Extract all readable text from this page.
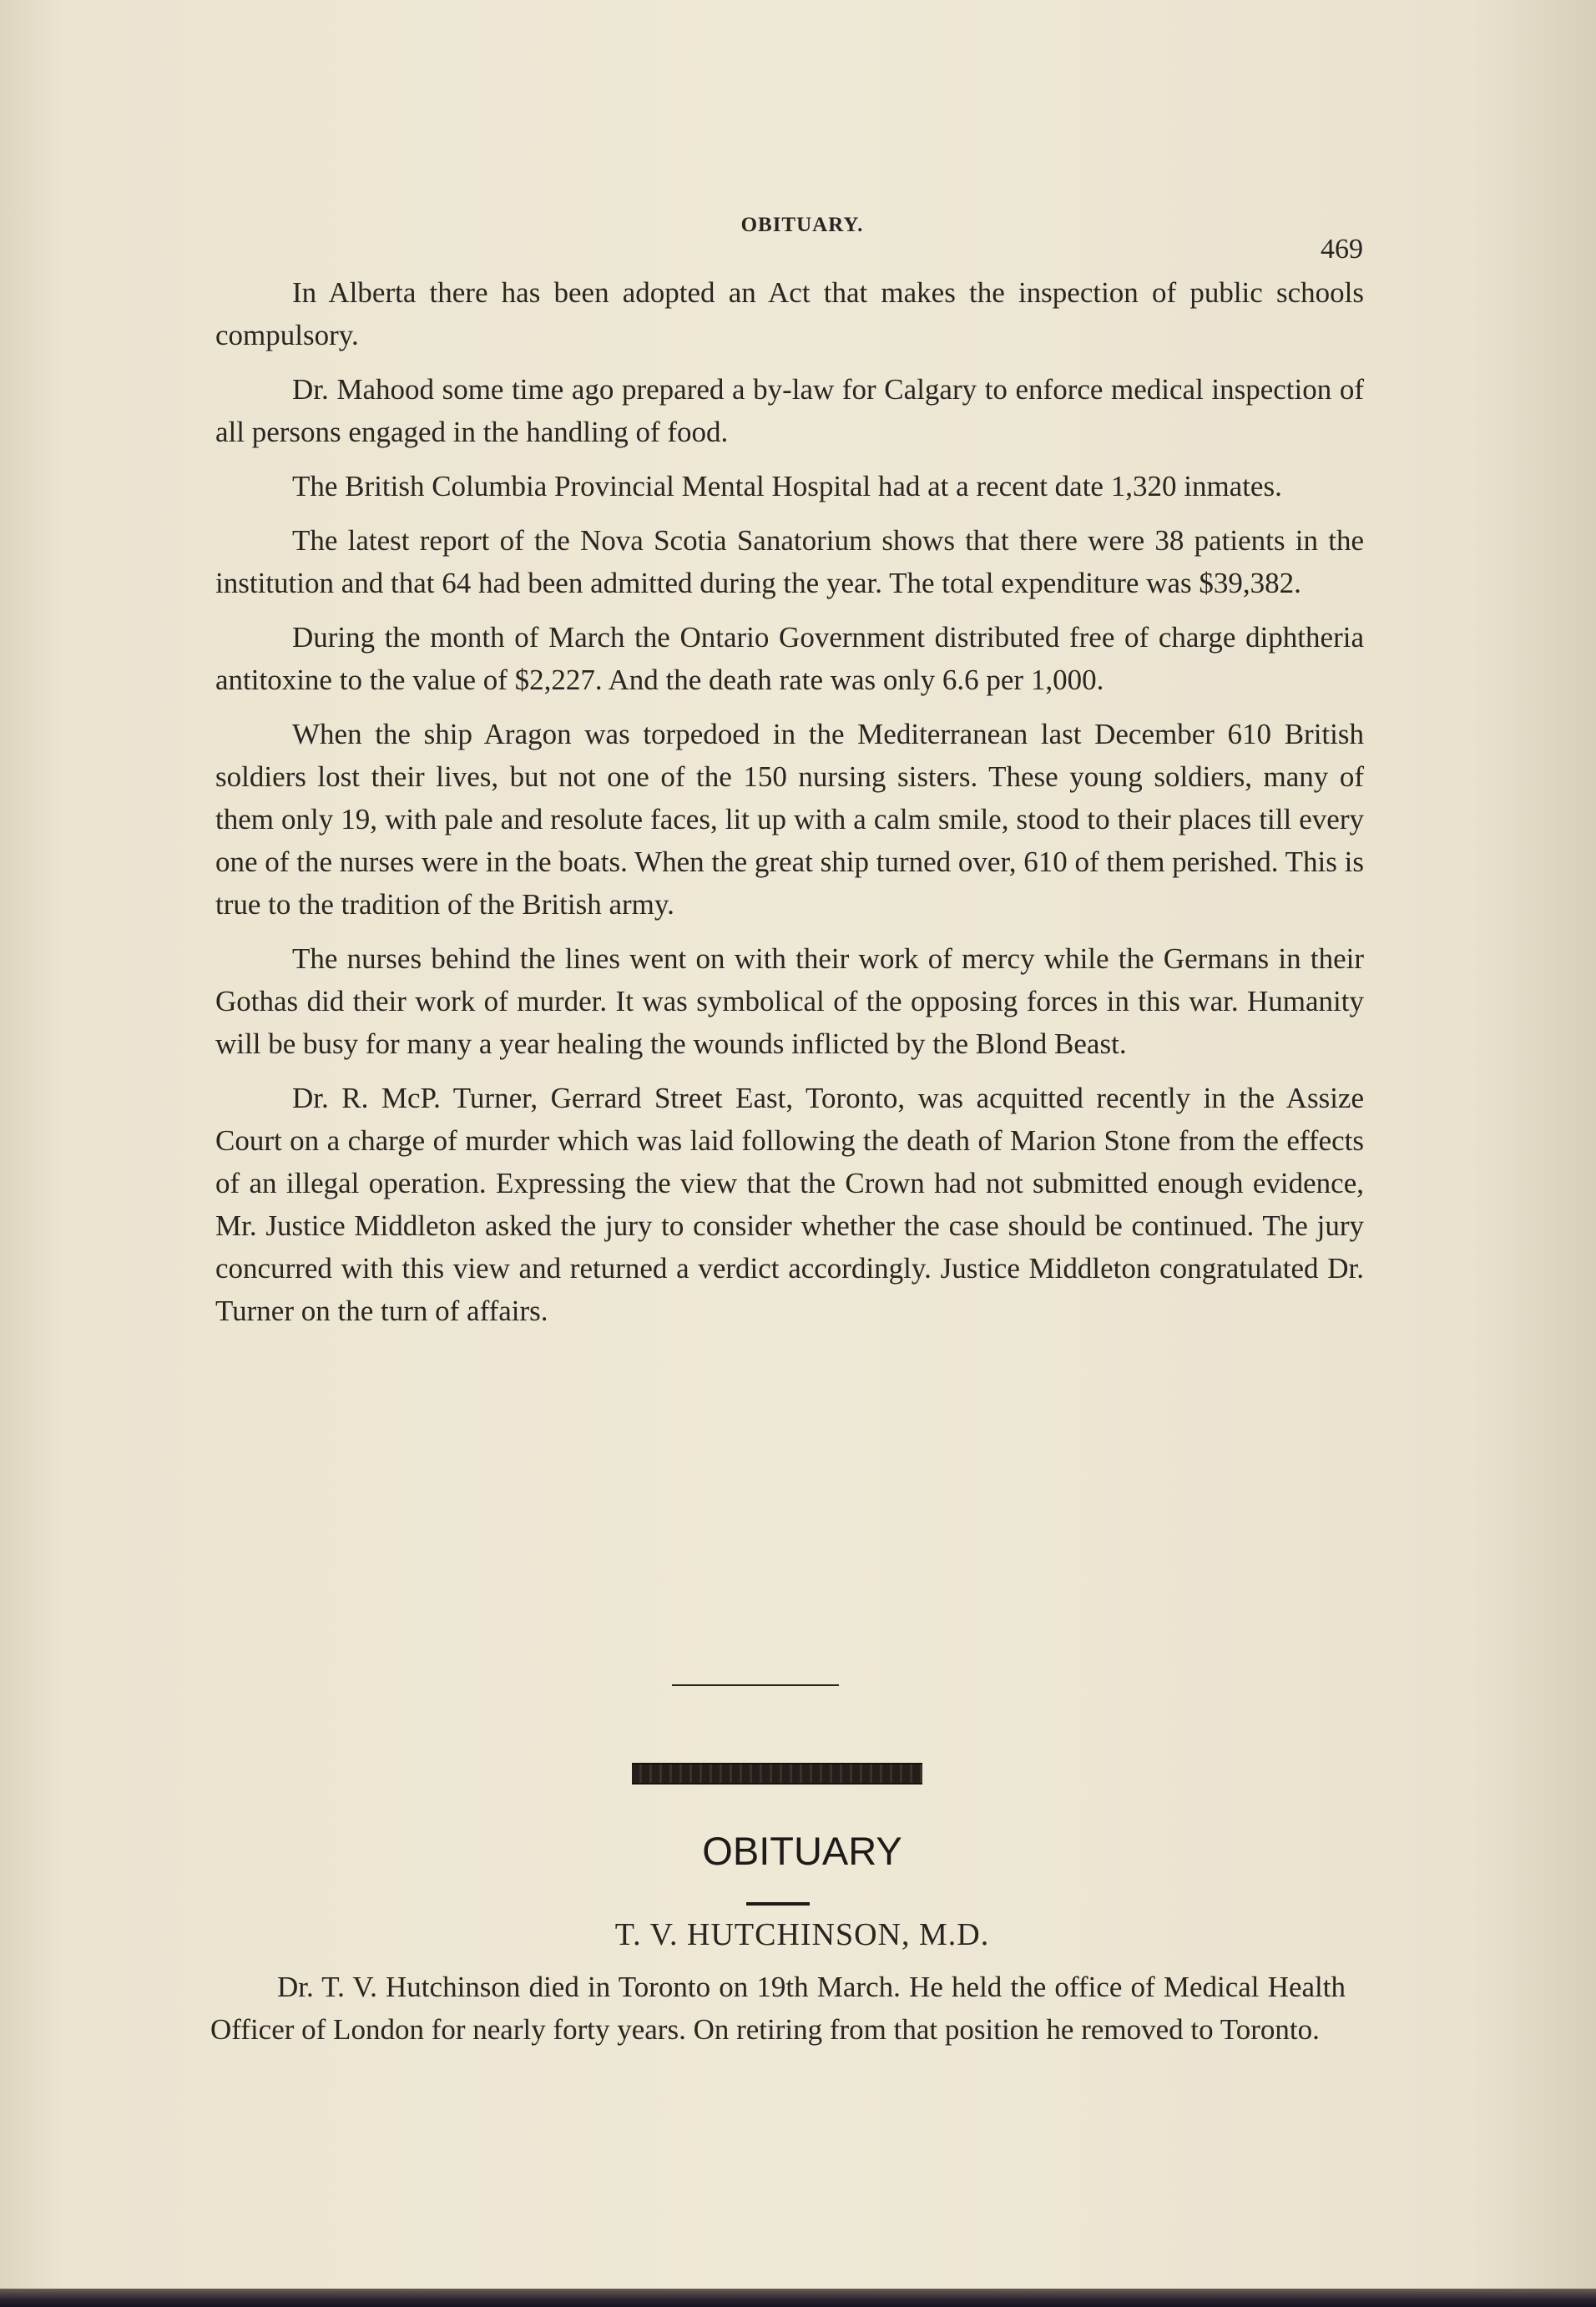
OBITUARY.
469

In Alberta there has been adopted an Act that makes the inspection of public schools compulsory.

Dr. Mahood some time ago prepared a by-law for Calgary to enforce medical inspection of all persons engaged in the handling of food.

The British Columbia Provincial Mental Hospital had at a recent date 1,320 inmates.

The latest report of the Nova Scotia Sanatorium shows that there were 38 patients in the institution and that 64 had been admitted during the year. The total expenditure was $39,382.

During the month of March the Ontario Government distributed free of charge diphtheria antitoxine to the value of $2,227. And the death rate was only 6.6 per 1,000.

When the ship Aragon was torpedoed in the Mediterranean last December 610 British soldiers lost their lives, but not one of the 150 nursing sisters. These young soldiers, many of them only 19, with pale and resolute faces, lit up with a calm smile, stood to their places till every one of the nurses were in the boats. When the great ship turned over, 610 of them perished. This is true to the tradition of the British army.

The nurses behind the lines went on with their work of mercy while the Germans in their Gothas did their work of murder. It was symbolical of the opposing forces in this war. Humanity will be busy for many a year healing the wounds inflicted by the Blond Beast.

Dr. R. McP. Turner, Gerrard Street East, Toronto, was acquitted recently in the Assize Court on a charge of murder which was laid following the death of Marion Stone from the effects of an illegal operation. Expressing the view that the Crown had not submitted enough evidence, Mr. Justice Middleton asked the jury to consider whether the case should be continued. The jury concurred with this view and returned a verdict accordingly. Justice Middleton congratulated Dr. Turner on the turn of affairs.

OBITUARY
T. V. HUTCHINSON, M.D.

Dr. T. V. Hutchinson died in Toronto on 19th March. He held the office of Medical Health Officer of London for nearly forty years. On retiring from that position he removed to Toronto.
